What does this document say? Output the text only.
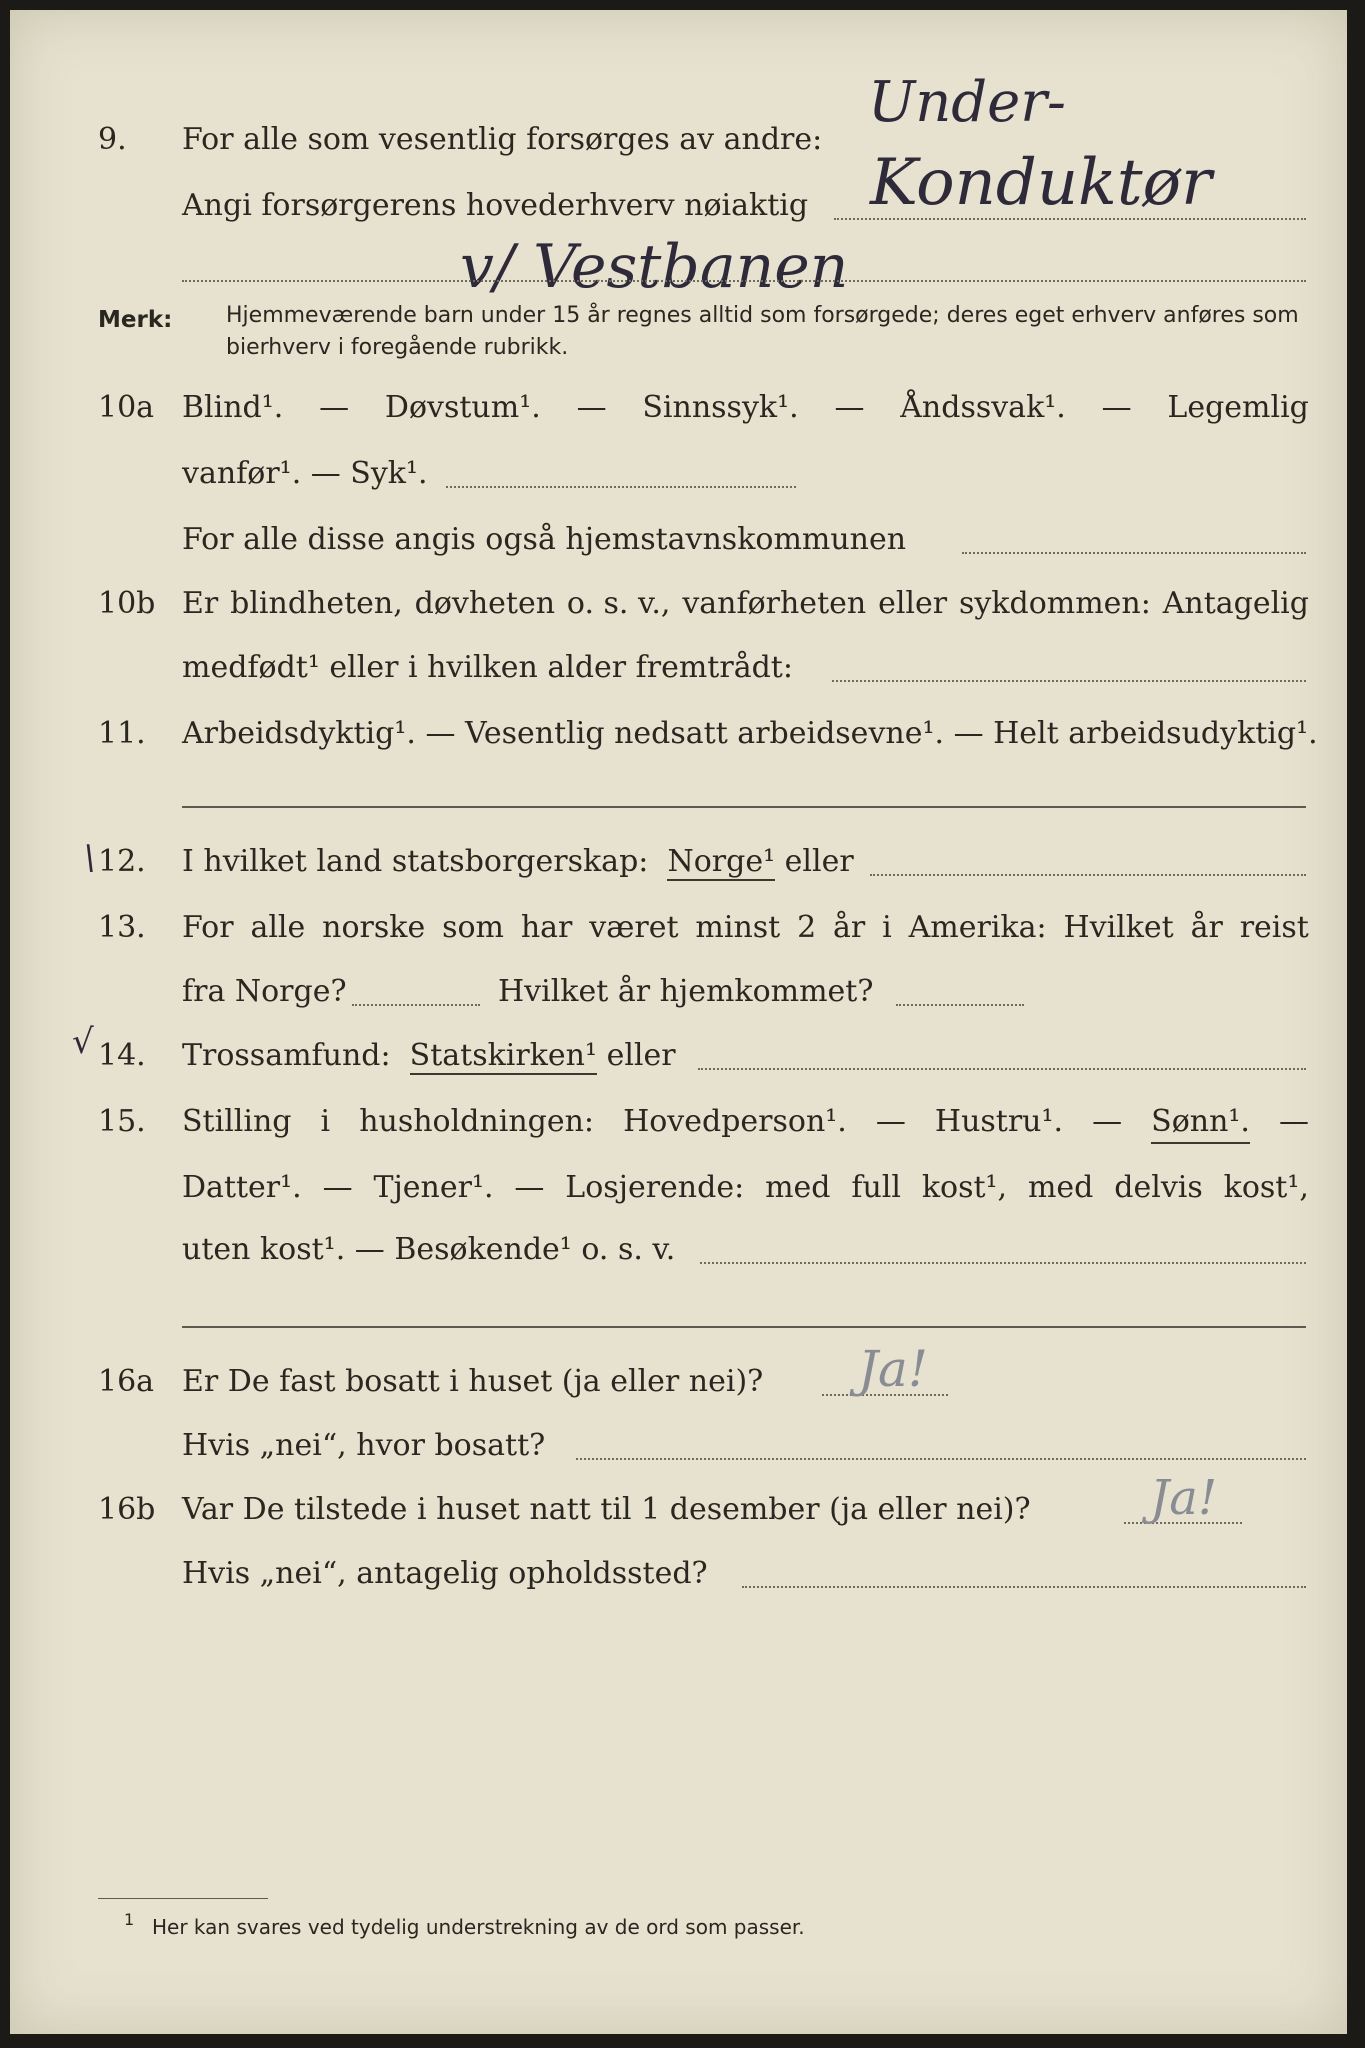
Under-
9. For alle som vesentlig forsørges av andre:
Angi forsørgerens hovederhverv nøiaktig Konduktør
v/ Vestbanen
Merk: Hjemmeværende barn under 15 år regnes alltid som forsørgede; deres eget erhverv anføres som bierhverv i foregående rubrikk.
10a Blind¹. — Døvstum¹. — Sinnssyk¹. — Åndssvak¹. — Legemlig
vanfør¹. — Syk¹.
For alle disse angis også hjemstavnskommunen
10b Er blindheten, døvheten o. s. v., vanførheten eller sykdommen: Antagelig
medfødt¹ eller i hvilken alder fremtrådt:
11. Arbeidsdyktig¹. — Vesentlig nedsatt arbeidsevne¹. — Helt arbeidsudyktig¹.
\ 12. I hvilket land statsborgerskap: Norge¹ eller
13. For alle norske som har været minst 2 år i Amerika: Hvilket år reist
fra Norge?	Hvilket år hjemkommet?
√ 14. Trossamfund: Statskirken¹ eller
15. Stilling i husholdningen: Hovedperson¹. — Hustru¹. — Sønn¹. —
Datter¹. — Tjener¹. — Losjerende: med full kost¹, med delvis kost¹,
uten kost¹. — Besøkende¹ o. s. v.
16a Er De fast bosatt i huset (ja eller nei)? Ja!
Hvis „nei“, hvor bosatt?
16b Var De tilstede i huset natt til 1 desember (ja eller nei)? Ja!
Hvis „nei“, antagelig opholdssted?
1 Her kan svares ved tydelig understrekning av de ord som passer.
